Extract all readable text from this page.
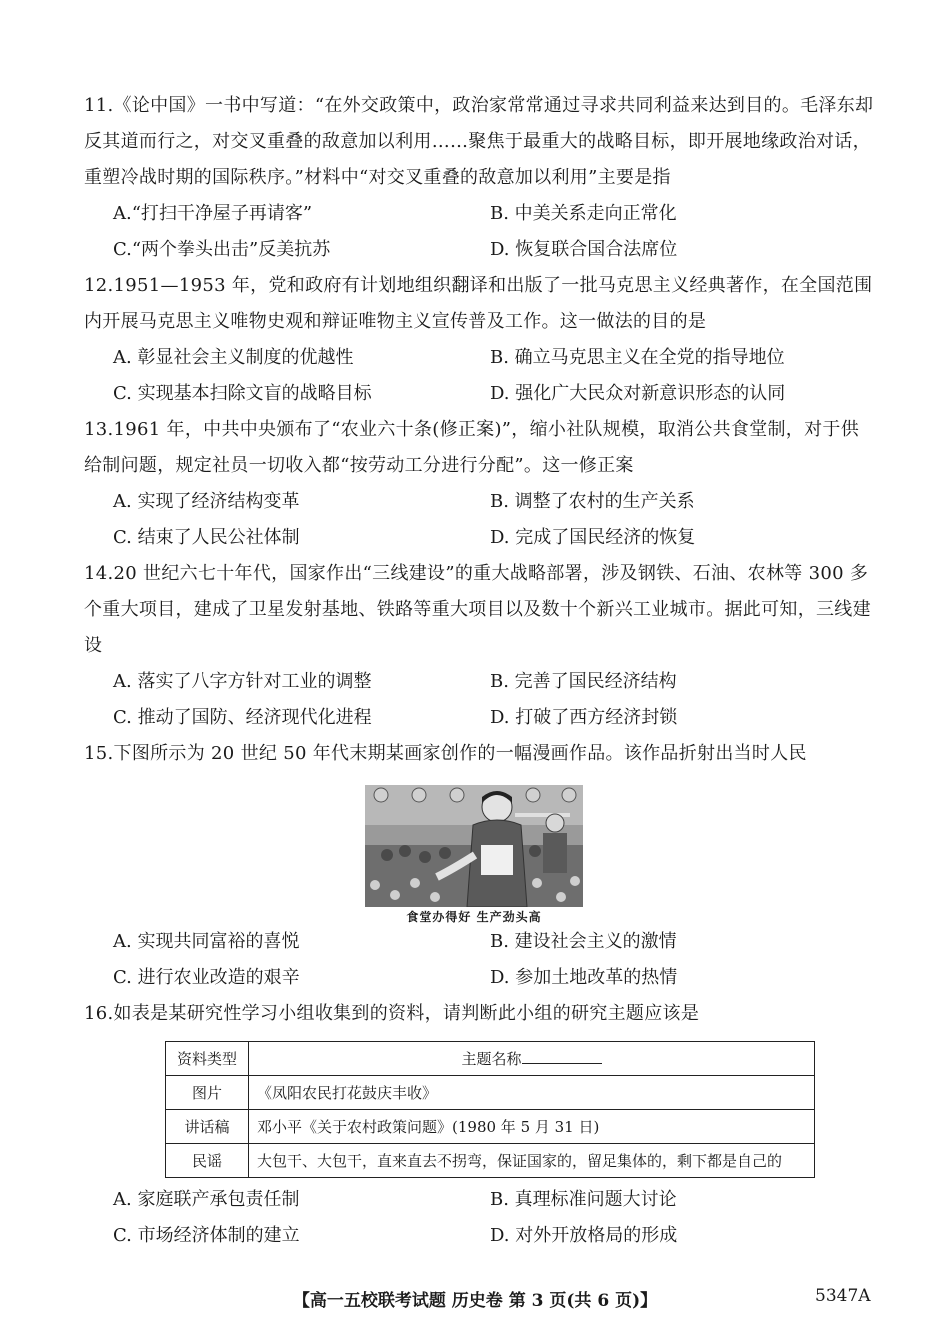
11.《论中国》一书中写道：“在外交政策中，政治家常常通过寻求共同利益来达到目的。毛泽东却反其道而行之，对交叉重叠的敌意加以利用……聚焦于最重大的战略目标，即开展地缘政治对话，重塑冷战时期的国际秩序。”材料中“对交叉重叠的敌意加以利用”主要是指
A.“打扫干净屋子再请客”	B. 中美关系走向正常化
C.“两个拳头出击”反美抗苏	D. 恢复联合国合法席位
12.1951—1953 年，党和政府有计划地组织翻译和出版了一批马克思主义经典著作，在全国范围内开展马克思主义唯物史观和辩证唯物主义宣传普及工作。这一做法的目的是
A. 彰显社会主义制度的优越性	B. 确立马克思主义在全党的指导地位
C. 实现基本扫除文盲的战略目标	D. 强化广大民众对新意识形态的认同
13.1961 年，中共中央颁布了“农业六十条(修正案)”，缩小社队规模，取消公共食堂制，对于供给制问题，规定社员一切收入都“按劳动工分进行分配”。这一修正案
A. 实现了经济结构变革	B. 调整了农村的生产关系
C. 结束了人民公社体制	D. 完成了国民经济的恢复
14.20 世纪六七十年代，国家作出“三线建设”的重大战略部署，涉及钢铁、石油、农林等 300 多个重大项目，建成了卫星发射基地、铁路等重大项目以及数十个新兴工业城市。据此可知，三线建设
A. 落实了八字方针对工业的调整	B. 完善了国民经济结构
C. 推动了国防、经济现代化进程	D. 打破了西方经济封锁
15.下图所示为 20 世纪 50 年代末期某画家创作的一幅漫画作品。该作品折射出当时人民
食堂办得好 生产劲头高
A. 实现共同富裕的喜悦	B. 建设社会主义的激情
C. 进行农业改造的艰辛	D. 参加土地改革的热情
16.如表是某研究性学习小组收集到的资料，请判断此小组的研究主题应该是
资料类型	主题名称
图片	《凤阳农民打花鼓庆丰收》
讲话稿	邓小平《关于农村政策问题》(1980 年 5 月 31 日)
民谣	大包干、大包干，直来直去不拐弯，保证国家的，留足集体的，剩下都是自己的
A. 家庭联产承包责任制	B. 真理标准问题大讨论
C. 市场经济体制的建立	D. 对外开放格局的形成
【高一五校联考试题 历史卷 第 3 页(共 6 页)】	5347A
